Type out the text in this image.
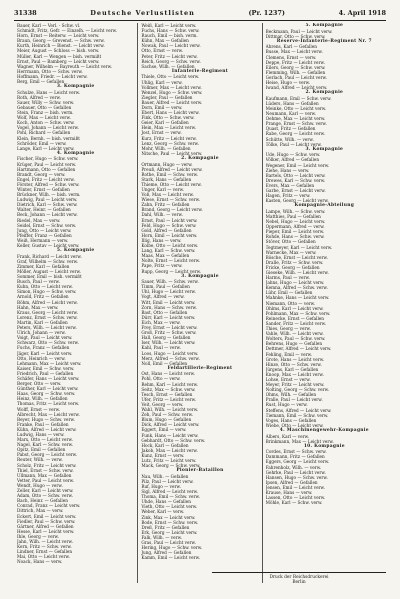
31338	Deutsche Verlustlisten	(Pr. 1237)	4. April 1918
Bauer, Karl — Verl. - Schw. vl.
Schmidt, Fritz, Gefr. — Einzelh. — Leicht verw.
Horn, Ernst — Reiterw. — Leicht verw.
Braun, Georg — Grevenst. — Schw. verw.
Kurth, Heinrich — Bienst. — Leicht verw.
Meier, August — Schloss — bish. verw.
Müller, Karl — Wengen — bish. vermißt
Ernst, Paul — Bamberg — Leicht verw.
Wagner, Wilhelm — Bayreuth — Leicht verw.
Herrmann, Otto — Schw. verw.
Hoffmann, Friedr. — Leicht verw.
Berg, Emil — Gefallen
3. Kompagnie
Schulze, Hans — Leicht verw.
Roth, Alfred — verw.
Sauer, Willy — Schw. verw.
Gebauer, Otto — Gefallen
Stein, Franz — bish. verm.
Wolf, Max — Leicht verw.
Koch, Anton — Schw. verw.
Vogel, Johann — Leicht verw.
Pohl, Richard — Gefallen
Klein, Bernh. — bish. vermißt
Schröder, Emil — verw.
Lange, Karl — Leicht verw.
4. Kompagnie
Fischer, Hugo — Schw. verw.
Krüger, Paul — Leicht verw.
Hartmann, Otto — Gefallen
Brandt, Georg — verw.
Engel, Fritz — Leicht verw.
Förster, Alfred — Schw. verw.
Winter, Ernst — Gefallen
Brückner, Wilh. — bish. verm.
Ludwig, Paul — Leicht verw.
Dietrich, Karl — Schw. verw.
Walter, Heinr. — Gefallen
Beck, Johann — Leicht verw.
Riedel, Max — verw.
Seidel, Ernst — Schw. verw.
Jung, Otto — Leicht verw.
Pfeiffer, Franz — Gefallen
Weiß, Hermann — verw.
Keller, Gustav — Leicht verw.
5. Kompagnie
Frank, Richard — Leicht verw.
Graf, Wilhelm — Schw. verw.
Zimmer, Karl — Gefallen
Möller, August — Leicht verw.
Sommer, Emil — bish. vermißt
Busch, Paul — verw.
Kuhn, Otto — Leicht verw.
Simon, Hugo — Schw. verw.
Arnold, Fritz — Gefallen
Böhm, Alfred — Leicht verw.
Hahn, Max — verw.
Kraus, Georg — Leicht verw.
Lorenz, Ernst — Schw. verw.
Martin, Karl — Gefallen
Peters, Wilh. — Leicht verw.
Ulrich, Johann — verw.
Voigt, Paul — Leicht verw.
Schwarz, Otto — Schw. verw.
Fuchs, Franz — Gefallen
Jäger, Karl — Leicht verw.
Otto, Heinrich — verw.
Lehmann, Max — Leicht verw.
Kaiser, Emil — Schw. verw.
Friedrich, Paul — Gefallen
Schäfer, Hans — Leicht verw.
Berger, Otto — verw.
Günther, Karl — Leicht verw.
Haas, Georg — Schw. verw.
Heinz, Wilh. — Gefallen
Thomas, Fritz — Leicht verw.
Wolff, Ernst — verw.
Albrecht, Max — Leicht verw.
Beyer, Hugo — Schw. verw.
Franke, Paul — Gefallen
Kühn, Alfred — Leicht verw.
Ludwig, Hans — verw.
Marx, Otto — Leicht verw.
Nagel, Karl — Schw. verw.
Opitz, Emil — Gefallen
Pabst, Georg — Leicht verw.
Reuter, Wilh. — verw.
Scholz, Fritz — Leicht verw.
Thiel, Ernst — Schw. verw.
Ullmann, Max — Gefallen
Vetter, Paul — Leicht verw.
Wendt, Hugo — verw.
Zeller, Karl — Leicht verw.
Adam, Otto — Schw. verw.
Bach, Heinr. — Gefallen
Conrad, Franz — Leicht verw.
Dittrich, Max — verw.
Eckert, Emil — Leicht verw.
Fiedler, Paul — Schw. verw.
Gärtner, Alfred — Gefallen
Hesse, Karl — Leicht verw.
Ihle, Georg — verw.
Jahn, Wilh. — Leicht verw.
Kern, Fritz — Schw. verw.
Lindner, Ernst — Gefallen
Mai, Otto — Leicht verw.
Noack, Hans — verw.
Weiß, Karl — Leicht verw.
Fuchs, Hans — Schw. verw.
Rauch, Emil — bish. verm.
Kühn, Max — Gefallen
Nowak, Paul — Leicht verw.
Otto, Ernst — verw.
Peter, Fritz — Leicht verw.
Reich, Georg — Schw. verw.
Sachse, Wilh. — Gefallen
Infanterie-Regiment
Thiele, Otto — Leicht verw.
Uhlig, Karl — verw.
Vollmer, Max — Leicht verw.
Wenzel, Hugo — Schw. verw.
Ziegler, Paul — Gefallen
Bauer, Alfred — Leicht verw.
Dorn, Emil — verw.
Ebert, Hans — Leicht verw.
Fink, Otto — Schw. verw.
Geier, Karl — Gefallen
Hein, Max — Leicht verw.
Jost, Ernst — verw.
Kurz, Fritz — Leicht verw.
Lenz, Georg — Schw. verw.
Mohr, Wilh. — Gefallen
Nitsche, Paul — Leicht verw.
2. Kompagnie
Ortmann, Hugo — verw.
Preuß, Alfred — Leicht verw.
Rothe, Emil — Schw. verw.
Stark, Hans — Gefallen
Thieme, Otto — Leicht verw.
Unger, Karl — verw.
Voß, Max — Leicht verw.
Wiese, Ernst — Schw. verw.
Zahn, Fritz — Gefallen
Brand, Georg — Leicht verw.
Dahl, Wilh. — verw.
Ernst, Paul — Leicht verw.
Feld, Hugo — Schw. verw.
Gold, Alfred — Gefallen
Horn, Emil — Leicht verw.
Illig, Hans — verw.
Kolbe, Otto — Leicht verw.
Lang, Karl — Schw. verw.
Maas, Max — Gefallen
Nolte, Ernst — Leicht verw.
Pape, Fritz — verw.
Rupp, Georg — Leicht verw.
3. Kompagnie
Sauer, Wilh. — Schw. verw.
Timm, Paul — Gefallen
Uhl, Hugo — Leicht verw.
Vogt, Alfred — verw.
Witt, Emil — Leicht verw.
Zorn, Hans — Schw. verw.
Bast, Otto — Gefallen
Dürr, Karl — Leicht verw.
Eich, Max — verw.
Frey, Ernst — Leicht verw.
Groß, Fritz — Schw. verw.
Hall, Georg — Gefallen
Iser, Wilh. — Leicht verw.
Kahl, Paul — verw.
Loos, Hugo — Leicht verw.
Merz, Alfred — Schw. verw.
Noll, Emil — Gefallen
Feldartillerie-Regiment
Ost, Hans — Leicht verw.
Pohl, Otto — verw.
Rehm, Karl — Leicht verw.
Seitz, Max — Schw. verw.
Tesch, Ernst — Gefallen
Ufer, Fritz — Leicht verw.
Veit, Georg — verw.
Wahl, Wilh. — Leicht verw.
Zeh, Paul — Schw. verw.
Blum, Hugo — Gefallen
Dick, Alfred — Leicht verw.
Eggert, Emil — verw.
Funk, Hans — Leicht verw.
Gebhardt, Otto — Schw. verw.
Hock, Karl — Gefallen
Jakob, Max — Leicht verw.
Kunz, Ernst — verw.
Lutz, Fritz — Leicht verw.
Mack, Georg — Schw. verw.
Pionier-Bataillon
Nau, Wilh. — Gefallen
Pilz, Paul — Leicht verw.
Ruf, Hugo — verw.
Sigl, Alfred — Leicht verw.
Thoma, Emil — Schw. verw.
Uhde, Hans — Gefallen
Vieth, Otto — Leicht verw.
Weber, Karl — verw.
Zink, Max — Leicht verw.
Bode, Ernst — Schw. verw.
Dreß, Fritz — Gefallen
Erk, Georg — Leicht verw.
Falk, Wilh. — verw.
Gras, Paul — Leicht verw.
Hering, Hugo — Schw. verw.
Jung, Alfred — Gefallen
Kamm, Emil — Leicht verw.
5. Kompagnie
Beckmann, Paul — Leicht verw.
Dittmar, Otto — Schw. verw.
Reserve-Infanterie-Regiment Nr. 7
Ahrens, Karl — Gefallen
Busse, Max — Leicht verw.
Clemens, Ernst — verw.
Deppe, Fritz — Leicht verw.
Eilers, Georg — Schw. verw.
Flemming, Wilh. — Gefallen
Gerlach, Paul — Leicht verw.
Heise, Hugo — verw.
Iwand, Alfred — Leicht verw.
2. Kompagnie
Kaufmann, Emil — Schw. verw.
Lüders, Hans — Gefallen
Meinke, Otto — Leicht verw.
Neumann, Karl — verw.
Oehme, Max — Leicht verw.
Prange, Ernst — Schw. verw.
Quast, Fritz — Gefallen
Rabe, Georg — Leicht verw.
Schütte, Wilh. — verw.
Tölke, Paul — Leicht verw.
3. Kompagnie
Ude, Hugo — Schw. verw.
Völker, Alfred — Gefallen
Wegener, Emil — Leicht verw.
Ziehe, Hans — verw.
Bartels, Otto — Leicht verw.
Drewes, Karl — Schw. verw.
Evers, Max — Gefallen
Garbe, Ernst — Leicht verw.
Hagen, Fritz — verw.
Kasten, Georg — Leicht verw.
Kompagnie-Abteilung
Lampe, Wilh. — Schw. verw.
Matthies, Paul — Gefallen
Nebel, Hugo — Leicht verw.
Oppermann, Alfred — verw.
Pieper, Emil — Leicht verw.
Rohde, Hans — Schw. verw.
Stöver, Otto — Gefallen
Tegtmeyer, Karl — Leicht verw.
Warnecke, Max — verw.
Bösche, Ernst — Leicht verw.
Dralle, Fritz — Schw. verw.
Fricke, Georg — Gefallen
Gieseke, Wilh. — Leicht verw.
Harms, Paul — verw.
Jahns, Hugo — Leicht verw.
Kemna, Alfred — Schw. verw.
Lühr, Emil — Gefallen
Mahnke, Hans — Leicht verw.
Niemann, Otto — verw.
Ohlms, Karl — Leicht verw.
Pohlmann, Max — Schw. verw.
Reinecke, Ernst — Gefallen
Sander, Fritz — Leicht verw.
Thies, Georg — verw.
Vahle, Wilh. — Leicht verw.
Wolters, Paul — Schw. verw.
Behrens, Hugo — Gefallen
Dettmer, Alfred — Leicht verw.
Fehling, Emil — verw.
Grote, Hans — Leicht verw.
Hinze, Otto — Schw. verw.
Jürgens, Karl — Gefallen
Knoop, Max — Leicht verw.
Lohse, Ernst — verw.
Meyer, Fritz — Leicht verw.
Nolting, Georg — Schw. verw.
Ohms, Wilh. — Gefallen
Pralle, Paul — Leicht verw.
Rust, Hugo — verw.
Steffens, Alfred — Leicht verw.
Tiemann, Emil — Schw. verw.
Voges, Hans — Gefallen
Wiebe, Otto — Leicht verw.
4. Maschinengewehr-Kompagnie
Albers, Karl — verw.
Brinkmann, Max — Leicht verw.
10. Kompagnie
Cordes, Ernst — Schw. verw.
Dammann, Fritz — Gefallen
Eggers, Georg — Leicht verw.
Fahrenholz, Wilh. — verw.
Gehrke, Paul — Leicht verw.
Hansen, Hugo — Schw. verw.
Ipsen, Alfred — Gefallen
Jensen, Emil — Leicht verw.
Krause, Hans — verw.
Lassen, Otto — Leicht verw.
Möhle, Karl — Schw. verw.
Druck der Reichsdruckerei
Berlin
